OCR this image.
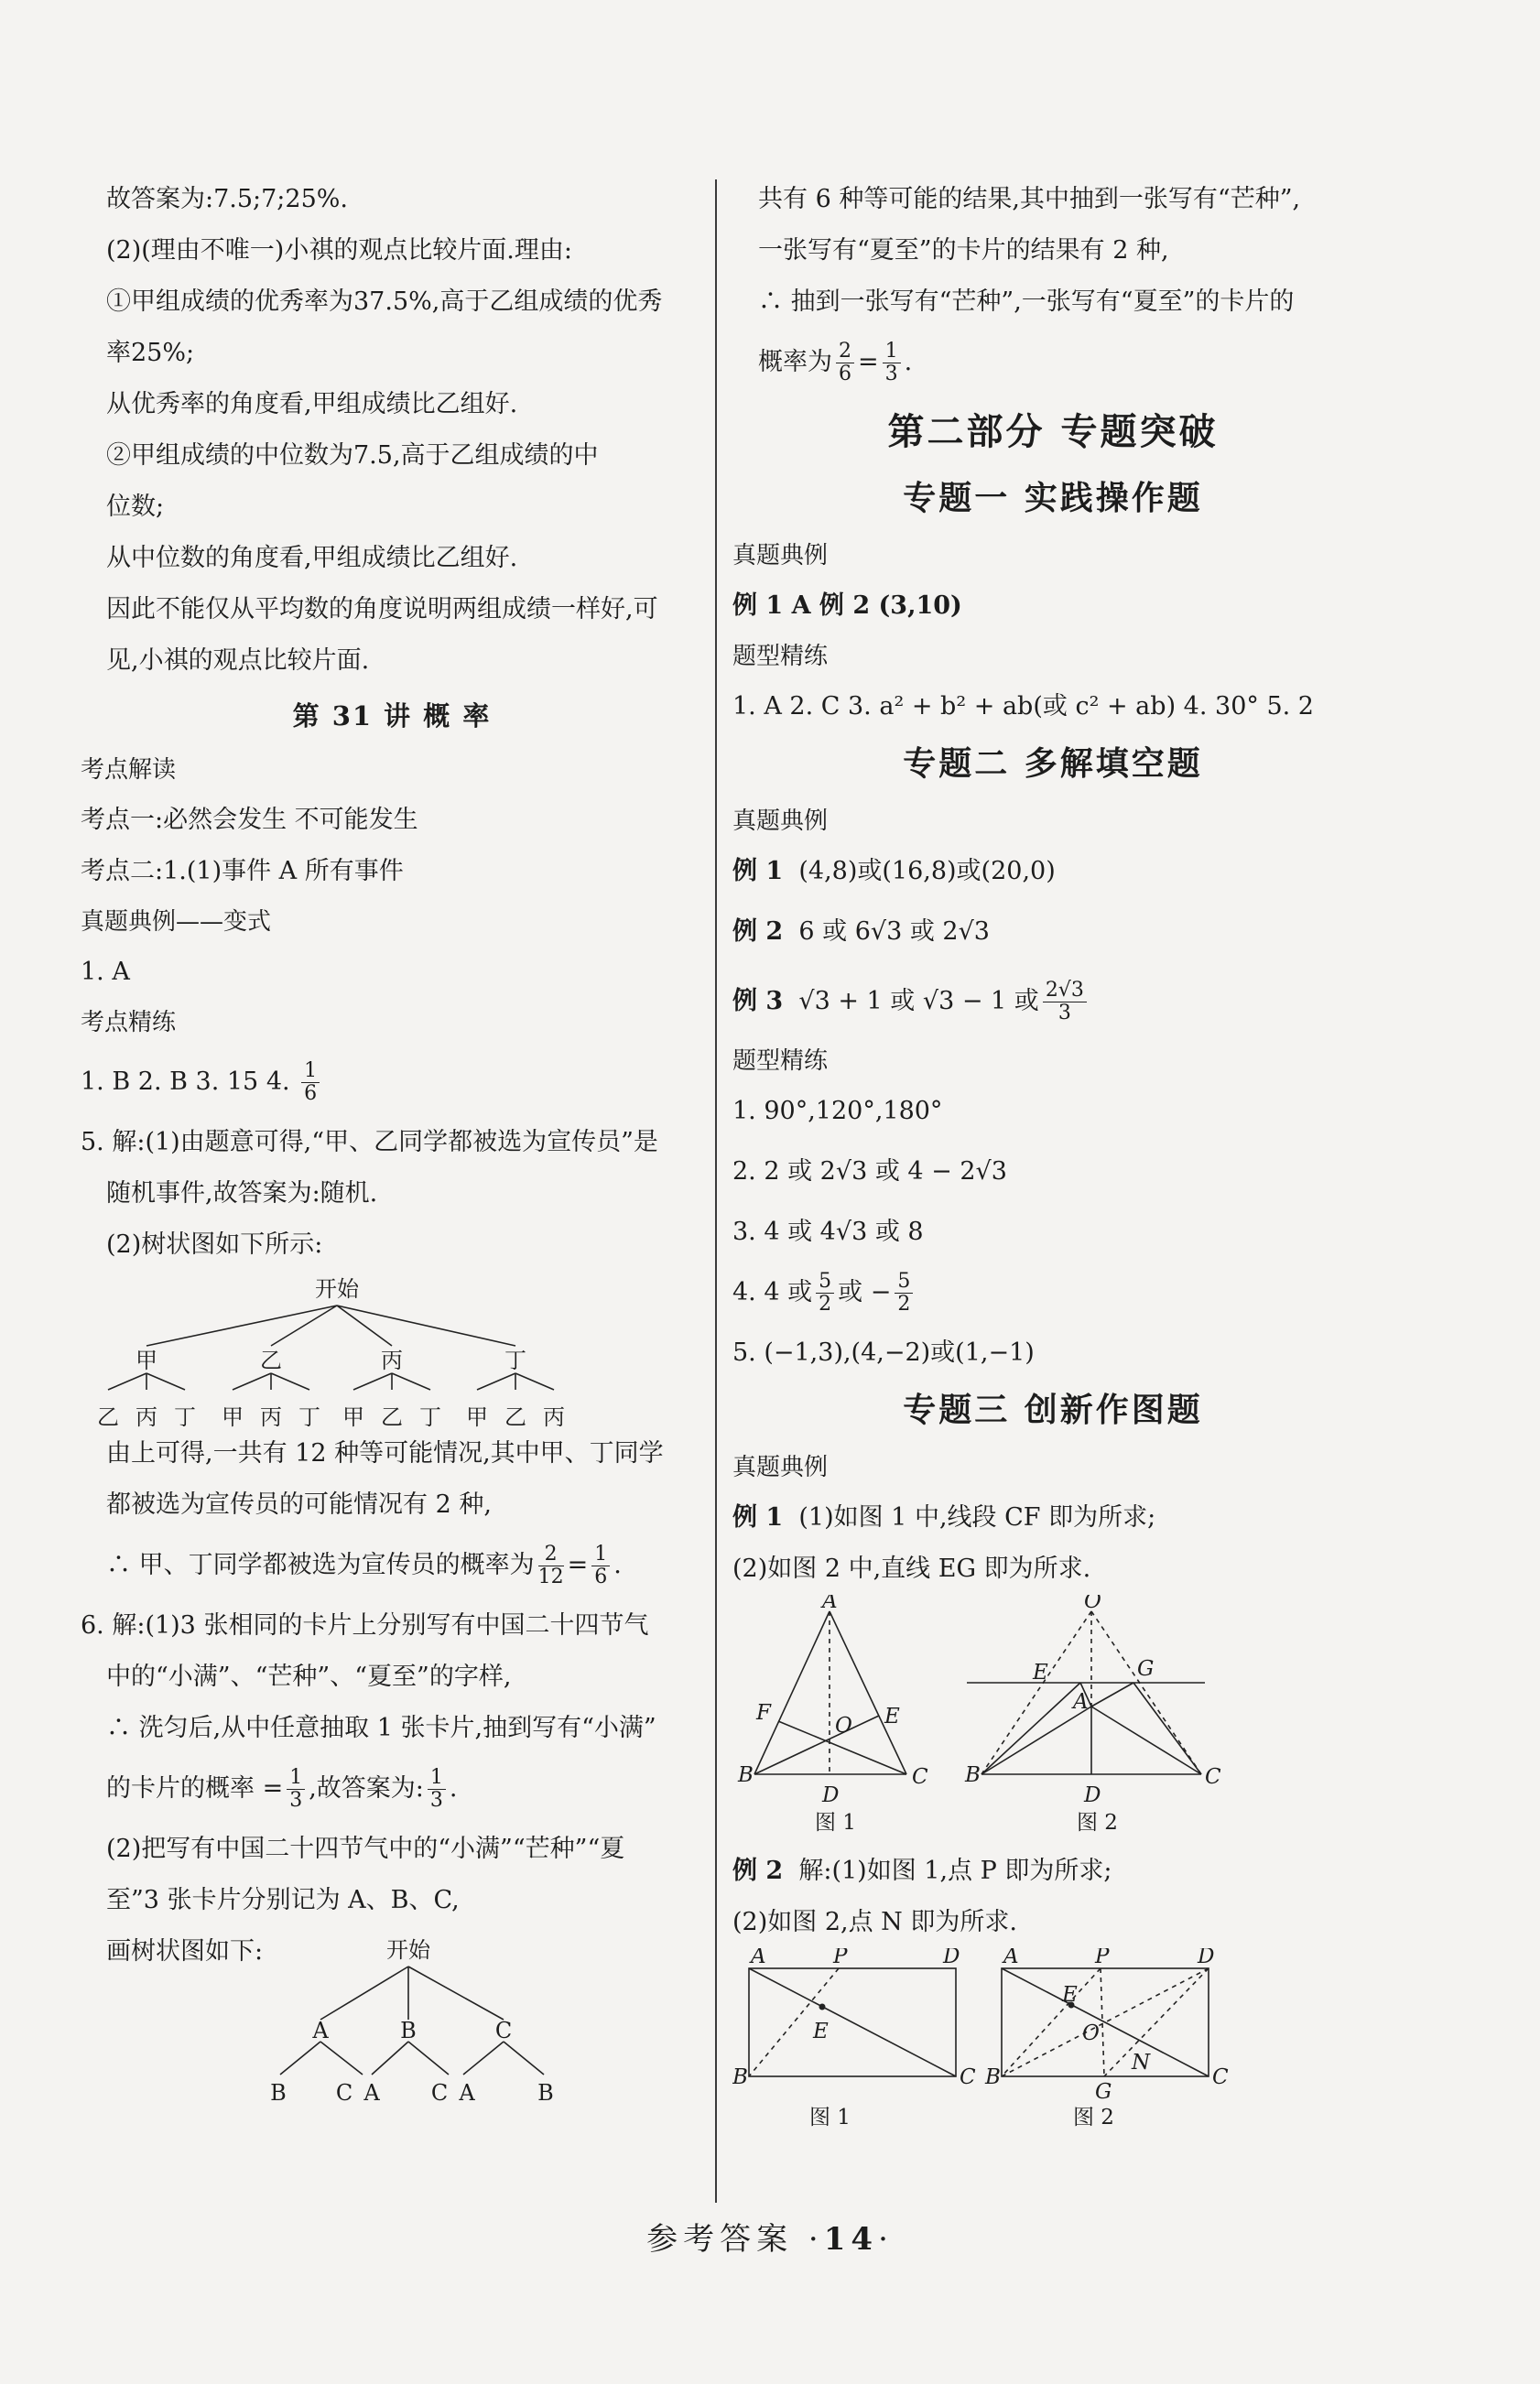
故答案为:7.5;7;25%.
(2)(理由不唯一)小祺的观点比较片面.理由:
①甲组成绩的优秀率为37.5%,高于乙组成绩的优秀
率25%;
从优秀率的角度看,甲组成绩比乙组好.
②甲组成绩的中位数为7.5,高于乙组成绩的中
位数;
从中位数的角度看,甲组成绩比乙组好.
因此不能仅从平均数的角度说明两组成绩一样好,可
见,小祺的观点比较片面.
第 31 讲 概 率
考点解读
考点一:必然会发生 不可能发生
考点二:1.(1)事件 A 所有事件
真题典例——变式
1. A
考点精练
1. B 2. B 3. 15 4. $\frac{1}{6}$
5. 解:(1)由题意可得,“甲、乙同学都被选为宣传员”是
随机事件,故答案为:随机.
(2)树状图如下所示:
开始
甲	乙	丙	丁
乙 丙 丁 甲 丙 丁 甲 乙 丁 甲 乙 丙
由上可得,一共有 12 种等可能情况,其中甲、丁同学
都被选为宣传员的可能情况有 2 种,
∴ 甲、丁同学都被选为宣传员的概率为 $\frac{2}{12} = \frac{1}{6}$ .
6. 解:(1)3 张相同的卡片上分别写有中国二十四节气
中的“小满”、“芒种”、“夏至”的字样,
∴ 洗匀后,从中任意抽取 1 张卡片,抽到写有“小满”
的卡片的概率 = $\frac{1}{3}$ ,故答案为: $\frac{1}{3}$ .
(2)把写有中国二十四节气中的“小满”“芒种”“夏
至”3 张卡片分别记为 A、B、C,
画树状图如下:	开始
A	B	C
B C A C A	B
共有 6 种等可能的结果,其中抽到一张写有“芒种”,
一张写有“夏至”的卡片的结果有 2 种,
∴ 抽到一张写有“芒种”,一张写有“夏至”的卡片的
概率为 $\frac{2}{6} = \frac{1}{3}$ .
第二部分 专题突破
专题一 实践操作题
真题典例
例 1 A 例 2 (3,10)
题型精练
1. A 2. C 3. a² + b² + ab(或 c² + ab) 4. 30° 5. 2
专题二 多解填空题
真题典例
例 1 (4,8)或(16,8)或(20,0)
例 2 6 或 6√3 或 2√3
例 3 √3 + 1 或 √3 − 1 或 $\frac{2√3}{3}$
题型精练
1. 90°,120°,180°
2. 2 或 2√3 或 4 − 2√3
3. 4 或 4√3 或 8
4. 4 或 $\frac{5}{2}$ 或 − $\frac{5}{2}$
5. (−1,3),(4,−2)或(1,−1)
专题三 创新作图题
真题典例
例 1 (1)如图 1 中,线段 CF 即为所求;
(2)如图 2 中,直线 EG 即为所求.
A
B	C
D
E
F
O
O
E	G
A
B	C
D
图 1	图 2
例 2 解:(1)如图 1,点 P 即为所求;
(2)如图 2,点 N 即为所求.
A	P	D
B	C
E
A	P	D
B	C
E
O
N
G
图 1	图 2
参考答案 ·14·
